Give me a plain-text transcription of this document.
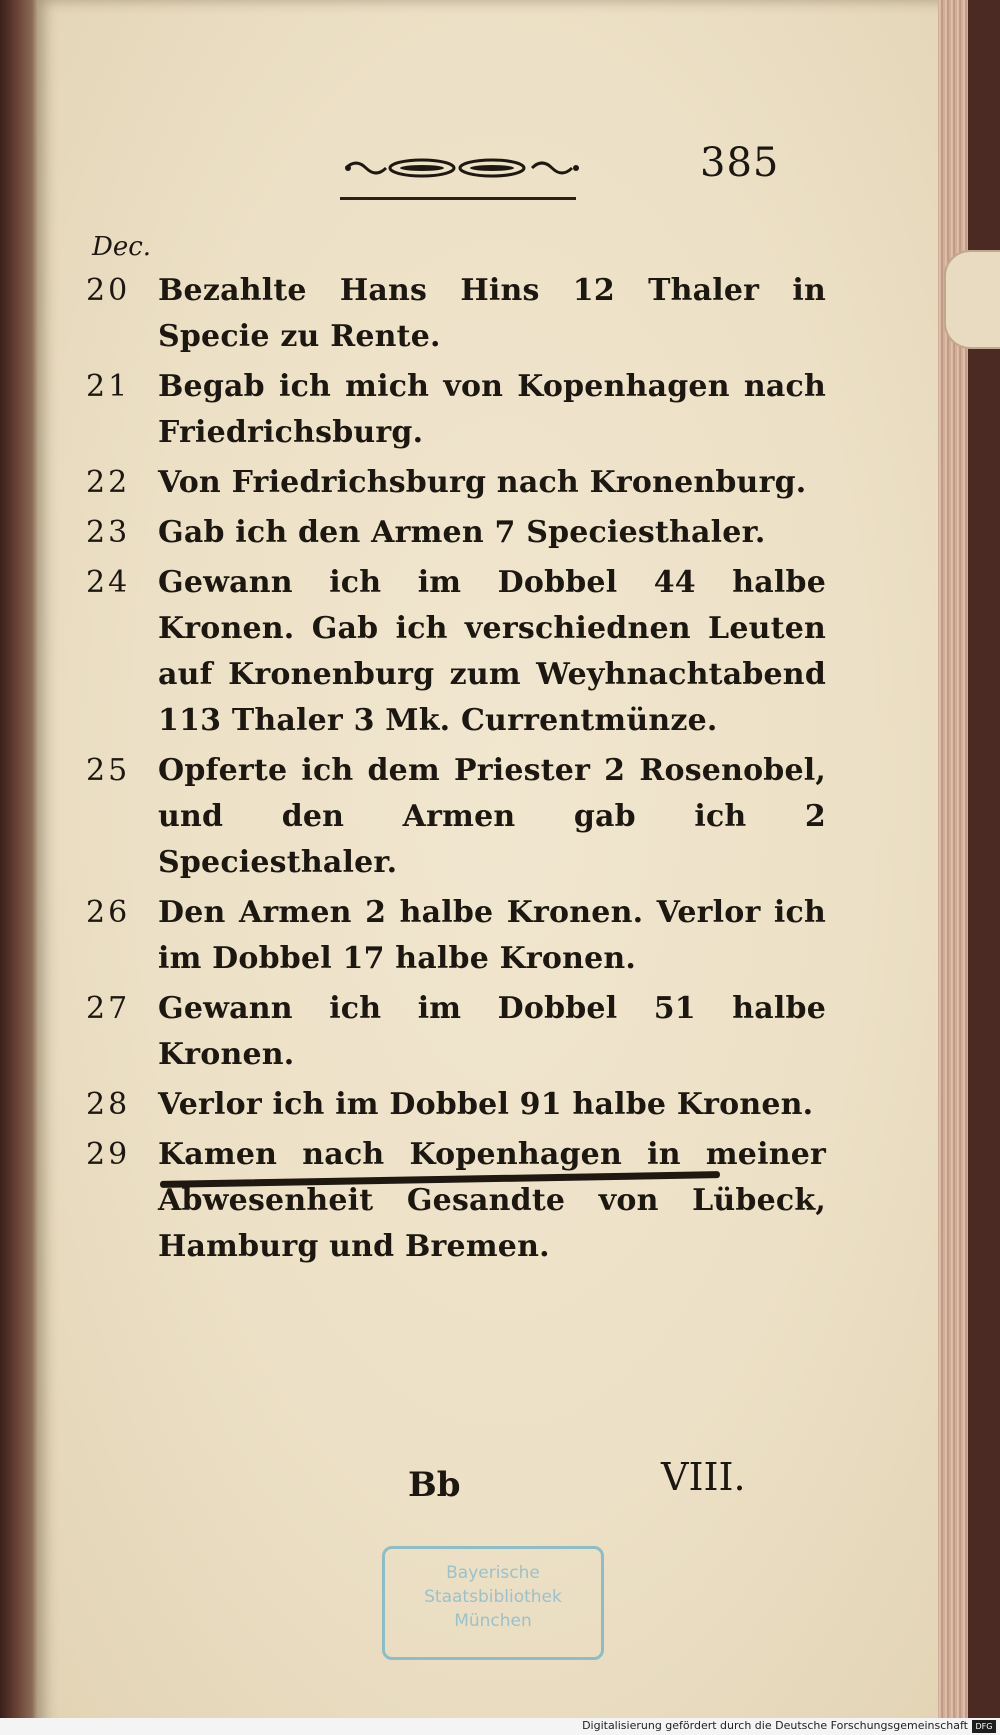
385
Dec.
20 Bezahlte Hans Hins 12 Thaler in Specie zu Rente.
21 Begab ich mich von Kopenhagen nach Friedrichsburg.
22 Von Friedrichsburg nach Kronenburg.
23 Gab ich den Armen 7 Speciesthaler.
24 Gewann ich im Dobbel 44 halbe Kronen. Gab ich verschiednen Leuten auf Kronenburg zum Weyhnachtabend 113 Thaler 3 Mk. Currentmünze.
25 Opferte ich dem Priester 2 Rosenobel, und den Armen gab ich 2 Speciesthaler.
26 Den Armen 2 halbe Kronen. Verlor ich im Dobbel 17 halbe Kronen.
27 Gewann ich im Dobbel 51 halbe Kronen.
28 Verlor ich im Dobbel 91 halbe Kronen.
29 Kamen nach Kopenhagen in meiner Abwesenheit Gesandte von Lübeck, Hamburg und Bremen.
Bb	VIII.
Bayerische
Staatsbibliothek
München
Digitalisierung gefördert durch die Deutsche Forschungsgemeinschaft DFG
